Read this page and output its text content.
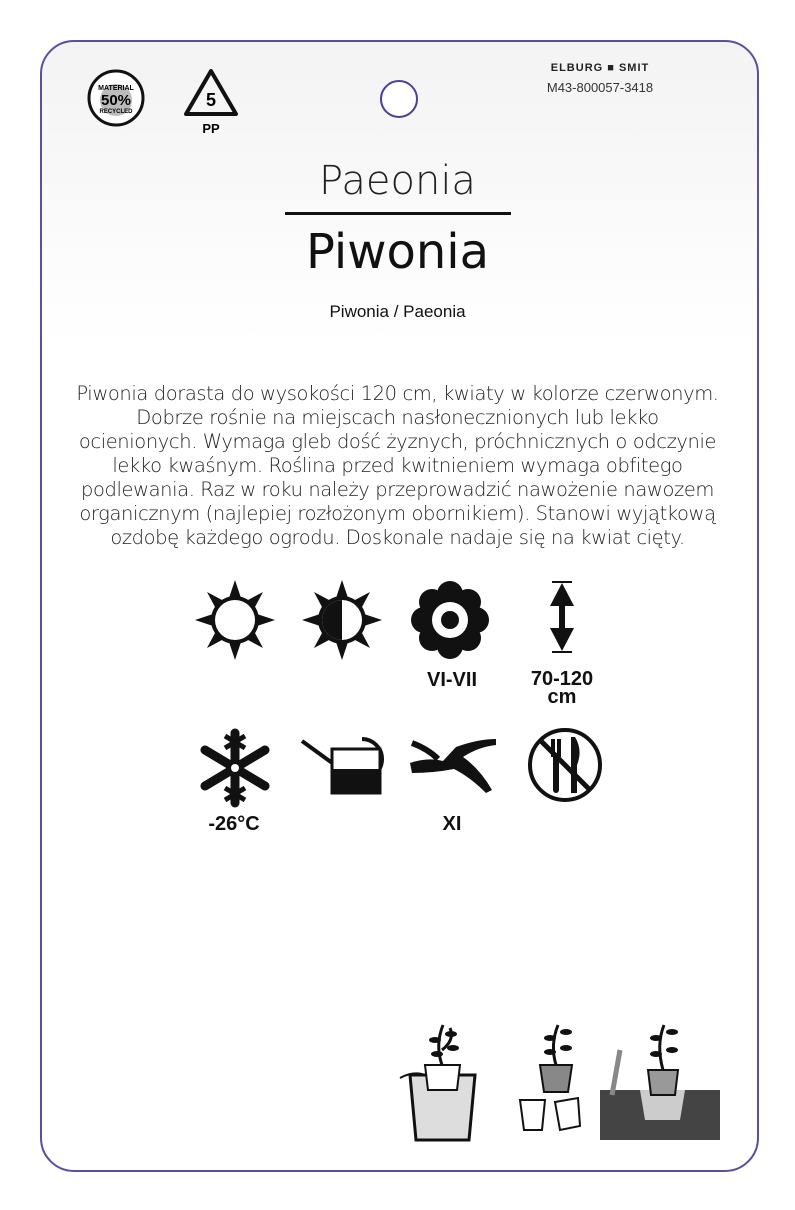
MATERIAL
50%
RECYCLED
5
PP
ELBURG ■ SMIT
M43-800057-3418
Paeonia
Piwonia
Piwonia / Paeonia
Piwonia dorasta do wysokości 120 cm, kwiaty w kolorze czerwonym.
Dobrze rośnie na miejscach nasłonecznionych lub lekko
ocienionych. Wymaga gleb dość żyznych, próchnicznych o odczynie
lekko kwaśnym. Roślina przed kwitnieniem wymaga obfitego
podlewania. Raz w roku należy przeprowadzić nawożenie nawozem
organicznym (najlepiej rozłożonym obornikiem). Stanowi wyjątkową
ozdobę każdego ogrodu. Doskonale nadaje się na kwiat cięty.
VI-VII	70-120
cm
-26°C	XI
